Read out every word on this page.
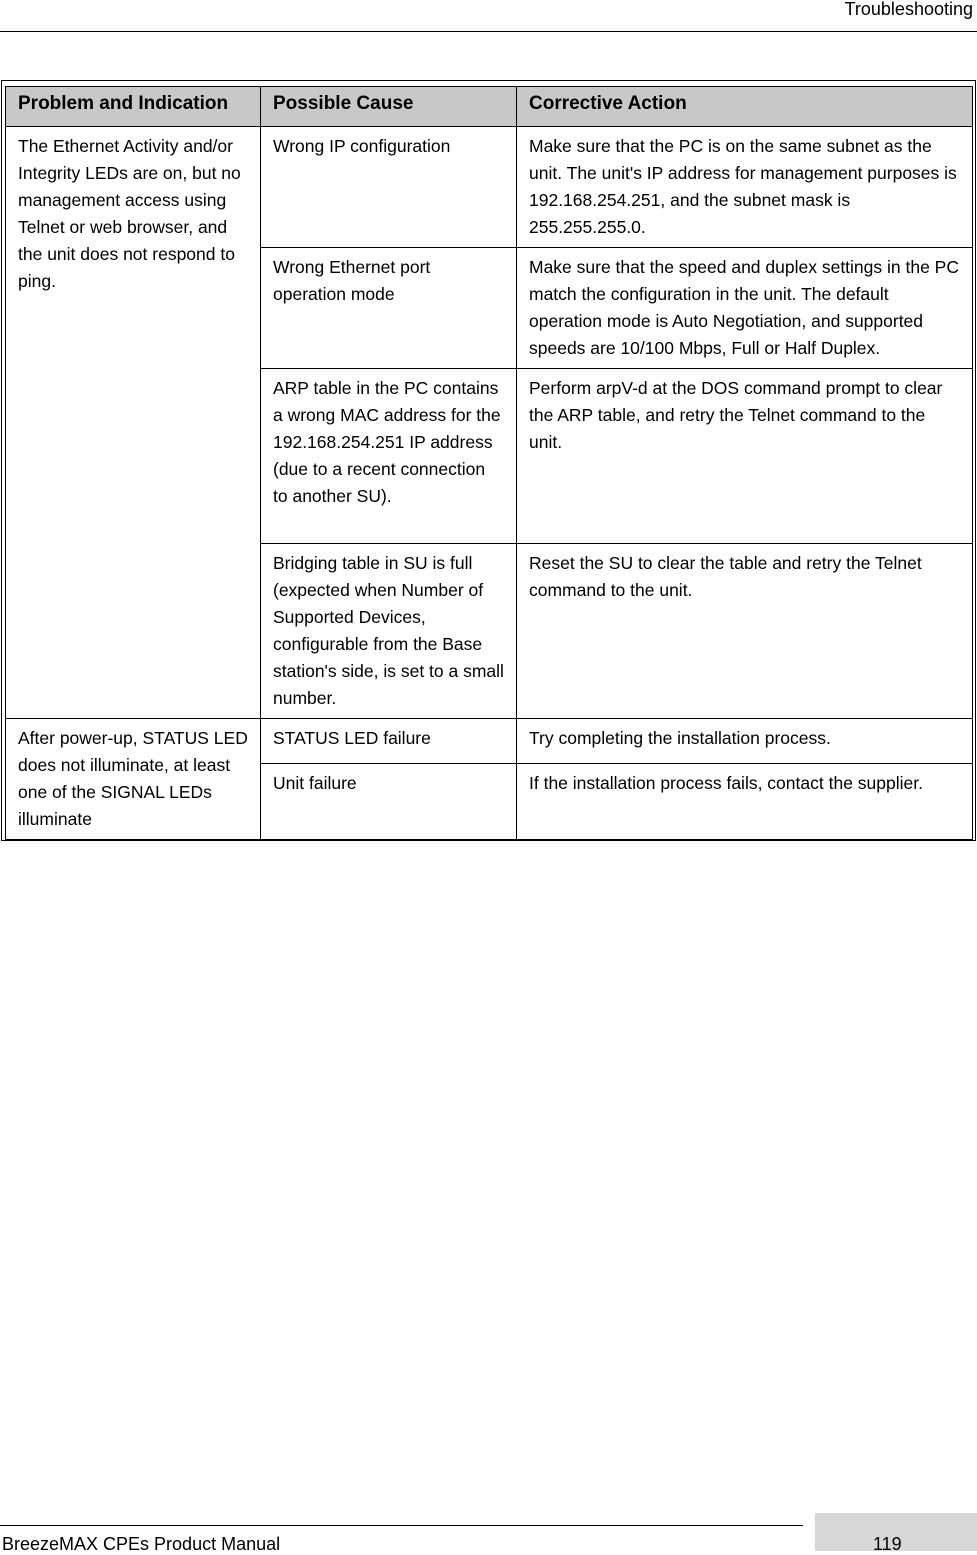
Troubleshooting
Problem and Indication	Possible Cause	Corrective Action
The Ethernet Activity and/or Integrity LEDs are on, but no management access using Telnet or web browser, and the unit does not respond to ping.	Wrong IP configuration	Make sure that the PC is on the same subnet as the unit. The unit's IP address for management purposes is 192.168.254.251, and the subnet mask is 255.255.255.0.
	Wrong Ethernet port operation mode	Make sure that the speed and duplex settings in the PC match the configuration in the unit. The default operation mode is Auto Negotiation, and supported speeds are 10/100 Mbps, Full or Half Duplex.
	ARP table in the PC contains a wrong MAC address for the 192.168.254.251 IP address (due to a recent connection to another SU).	Perform arpV-d at the DOS command prompt to clear the ARP table, and retry the Telnet command to the unit.
	Bridging table in SU is full (expected when Number of Supported Devices, configurable from the Base station's side, is set to a small number.	Reset the SU to clear the table and retry the Telnet command to the unit.
After power-up, STATUS LED does not illuminate, at least one of the SIGNAL LEDs illuminate	STATUS LED failure	Try completing the installation process.
	Unit failure	If the installation process fails, contact the supplier.
BreezeMAX CPEs Product Manual	119
